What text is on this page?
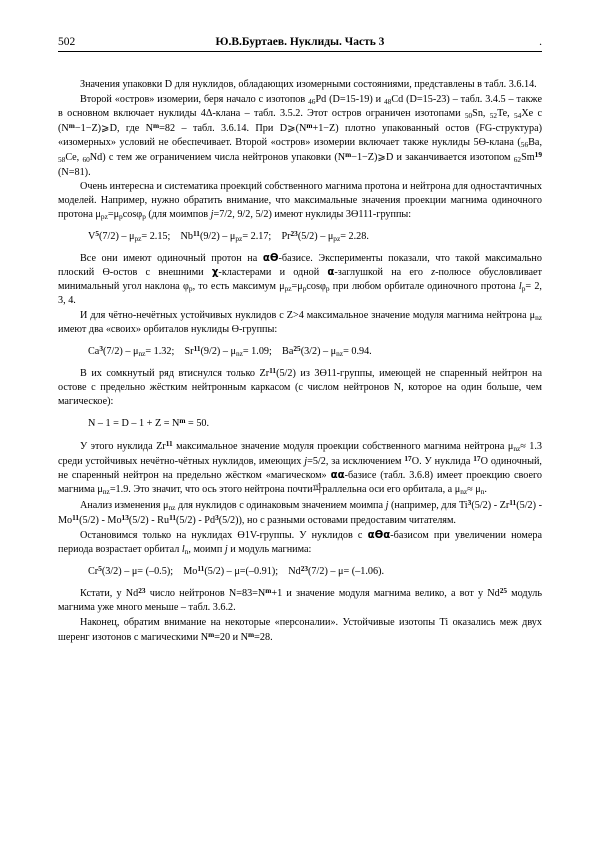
502	Ю.В.Буртаев. Нуклиды. Часть 3	.

Значения упаковки D для нуклидов, обладающих изомерными состояниями, представлены в табл. 3.6.14.

Второй «остров» изомерии, беря начало с изотопов $_{46}$Pd (D=15-19) и $_{48}$Cd (D=15-23) – табл. 3.4.5 – также в основном включает нуклиды 4Δ-клана – табл. 3.5.2. Этот остров ограничен изотопами $_{50}$Sn, $_{52}$Te, $_{54}$Xe с $(N^m-1-Z)⩾D$, где $N^m=82$ – табл. 3.6.14. При $D⩾(N^m+1-Z)$ плотно упакованный остов (FG-структура) «изомерных» условий не обеспечивает. Второй «остров» изомерии включает также нуклиды 5Ө-клана ($_{56}Ba$, $_{58}$Ce, $_{60}$Nd) с тем же ограничением числа нейтронов упаковки $(N^m-1-Z)⩾D$ и заканчивается изотопом $_{62}Sm^{19}$ (N=81).

Очень интересна и систематика проекций собственного магнима протона и нейтрона для одностачтичных моделей. Например, нужно обратить внимание, что максимальные значения проекции магнима одиночного протона $\mu_{pz}=\mu_p\cos\varphi_p$ (для моимпов j=7/2, 9/2, 5/2) имеют нуклиды 3Ө111-группы:

$V^5(7/2) - \mu_{pz}= 2.15$;    $Nb^{11}(9/2) - \mu_{pz}= 2.17$;    $Pr^{23}(5/2) - \mu_{pz}= 2.28$.

Все они имеют одиночный протон на αӨ-базисе. Эксперименты показали, что такой максимально плоский Ө-остов с внешними χ-кластерами и одной α-заглушкой на его z-полюсе обусловливает минимальный угол наклона $\varphi_p$, то есть максимум $\mu_{pz}=\mu_p\cos\varphi_p$ при любом орбитале одиночного протона $l_p= 2$, 3, 4.

И для чётно-нечётных устойчивых нуклидов с Z>4 максимальное значение модуля магнима нейтрона $\mu_{nz}$ имеют два «своих» орбиталов нуклиды Ө-группы:

$Ca^3(7/2) - \mu_{nz}= 1.32$;    $Sr^{11}(9/2) - \mu_{nz}= 1.09$;    $Ba^{25}(3/2) - \mu_{nz}= 0.94$.

В их сомкнутый ряд втиснулся только Zr$^{11}$(5/2) из 3Ө11-группы, имеющей не спаренный нейтрон на остове с предельно жёстким нейтронным каркасом (с числом нейтронов N, которое на один больше, чем магическое):

$N - 1 = D - 1 + Z = N^m = 50$.

У этого нуклида Zr$^{11}$ максимальное значение модуля проекции собственного магнима нейтрона $\mu_{nz}\approx 1.3$ среди устойчивых нечётно-чётных нуклидов, имеющих j=5/2, за исключением $^{17}$О. У нуклида $^{17}$О одиночный, не спаренный нейтрон на предельно жёстком «магическом» αα-базисе (табл. 3.6.8) имеет проекцию своего магнима $\mu_{nz}=1.9$. Это значит, что ось этого нейтрона почти파раллельна оси его орбитала, а $\mu_{nz}\approx \mu_n$.

Анализ изменения $\mu_{nz}$ для нуклидов с одинаковым значением моимпа j (например, для Ti$^3$(5/2) - Zr$^{11}$(5/2) - Mo$^{11}$(5/2) - Mo$^{13}$(5/2) - Ru$^{11}$(5/2) - Pd$^3$(5/2)), но с разными остовами предоставим читателям.

Остановимся только на нуклидах Ө1V-группы. У нуклидов с αӨα-базисом при увеличении номера периода возрастает орбитал $l_n$, моимп j и модуль магнима:

Cr$^5$(3/2) – μ= (–0.5);    Mo$^{11}$(5/2) – μ=(–0.91);    Nd$^{23}$(7/2) – μ= (–1.06).

Кстати, у Nd$^{23}$ число нейтронов $N=83=N^m+1$ и значение модуля магнима велико, а вот у Nd$^{25}$ модуль магнима уже много меньше – табл. 3.6.2.

Наконец, обратим внимание на некоторые «персоналии». Устойчивые изотопы Ti оказались меж двух шеренг изотонов с магическими $N^m=20$ и $N^m=28$.
